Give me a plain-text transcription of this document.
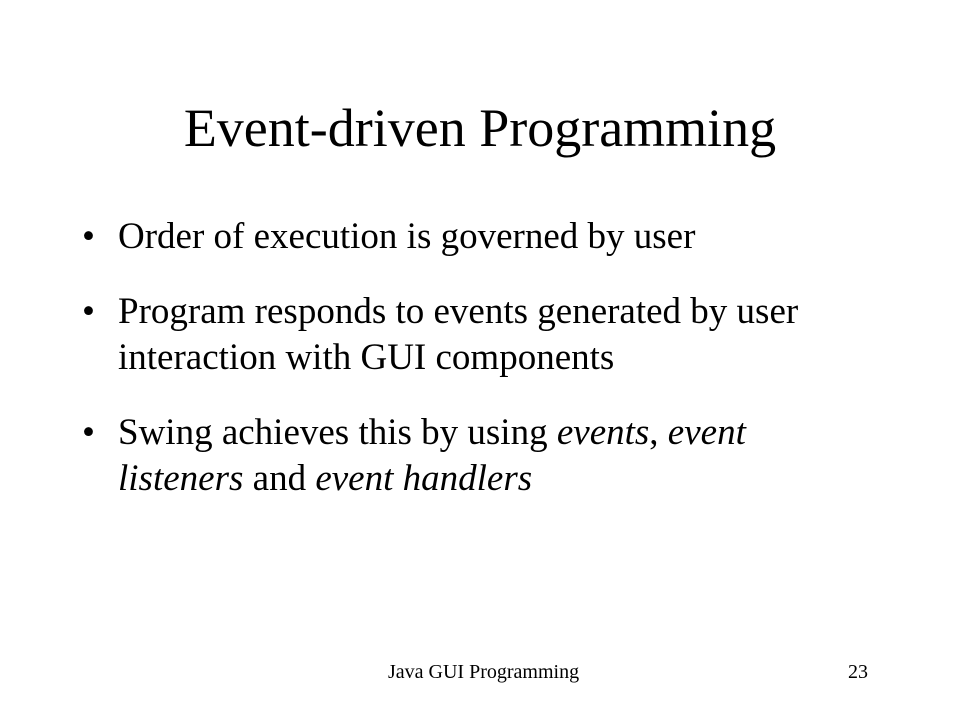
Event-driven Programming
• Order of execution is governed by user
• Program responds to events generated by user interaction with GUI components
• Swing achieves this by using events, event listeners and event handlers
Java GUI Programming	23
